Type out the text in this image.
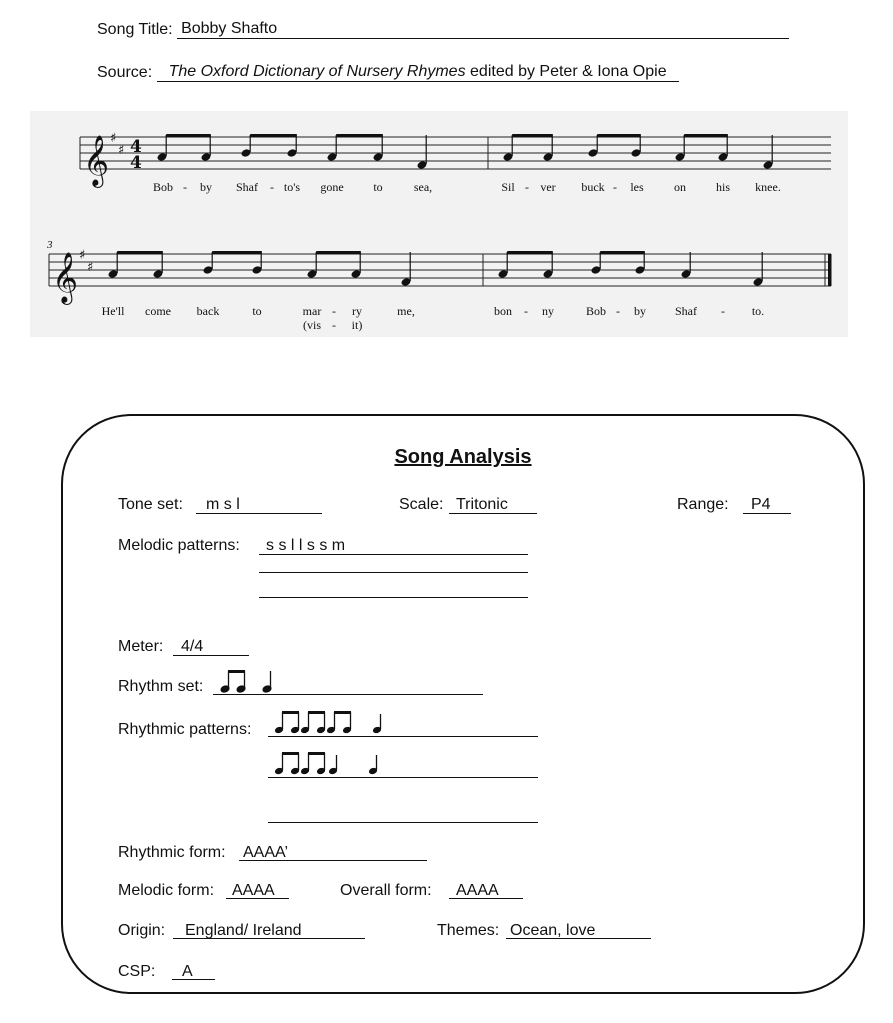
Song Title: Bobby Shafto
Source: The Oxford Dictionary of Nursery Rhymes edited by Peter & Iona Opie
𝄞 ♯
♯ 4
4
𝄞 ♯
♯
3
Bob - by Shaf - to's gone to	sea,	Sil - ver buck - les	on his knee.
He'll come back	to	mar - ry	me,	bon - ny	Bob - by Shaf - to.
(vis - it)
Song Analysis
Tone set: m s l	Scale: Tritonic	Range: P4
Melodic patterns: s s l l s s m
Meter: 4/4
Rhythm set:
Rhythmic patterns:
Rhythmic form: AAAA’
Melodic form: AAAA	Overall form: AAAA
Origin: England/ Ireland	Themes: Ocean, love
CSP: A
